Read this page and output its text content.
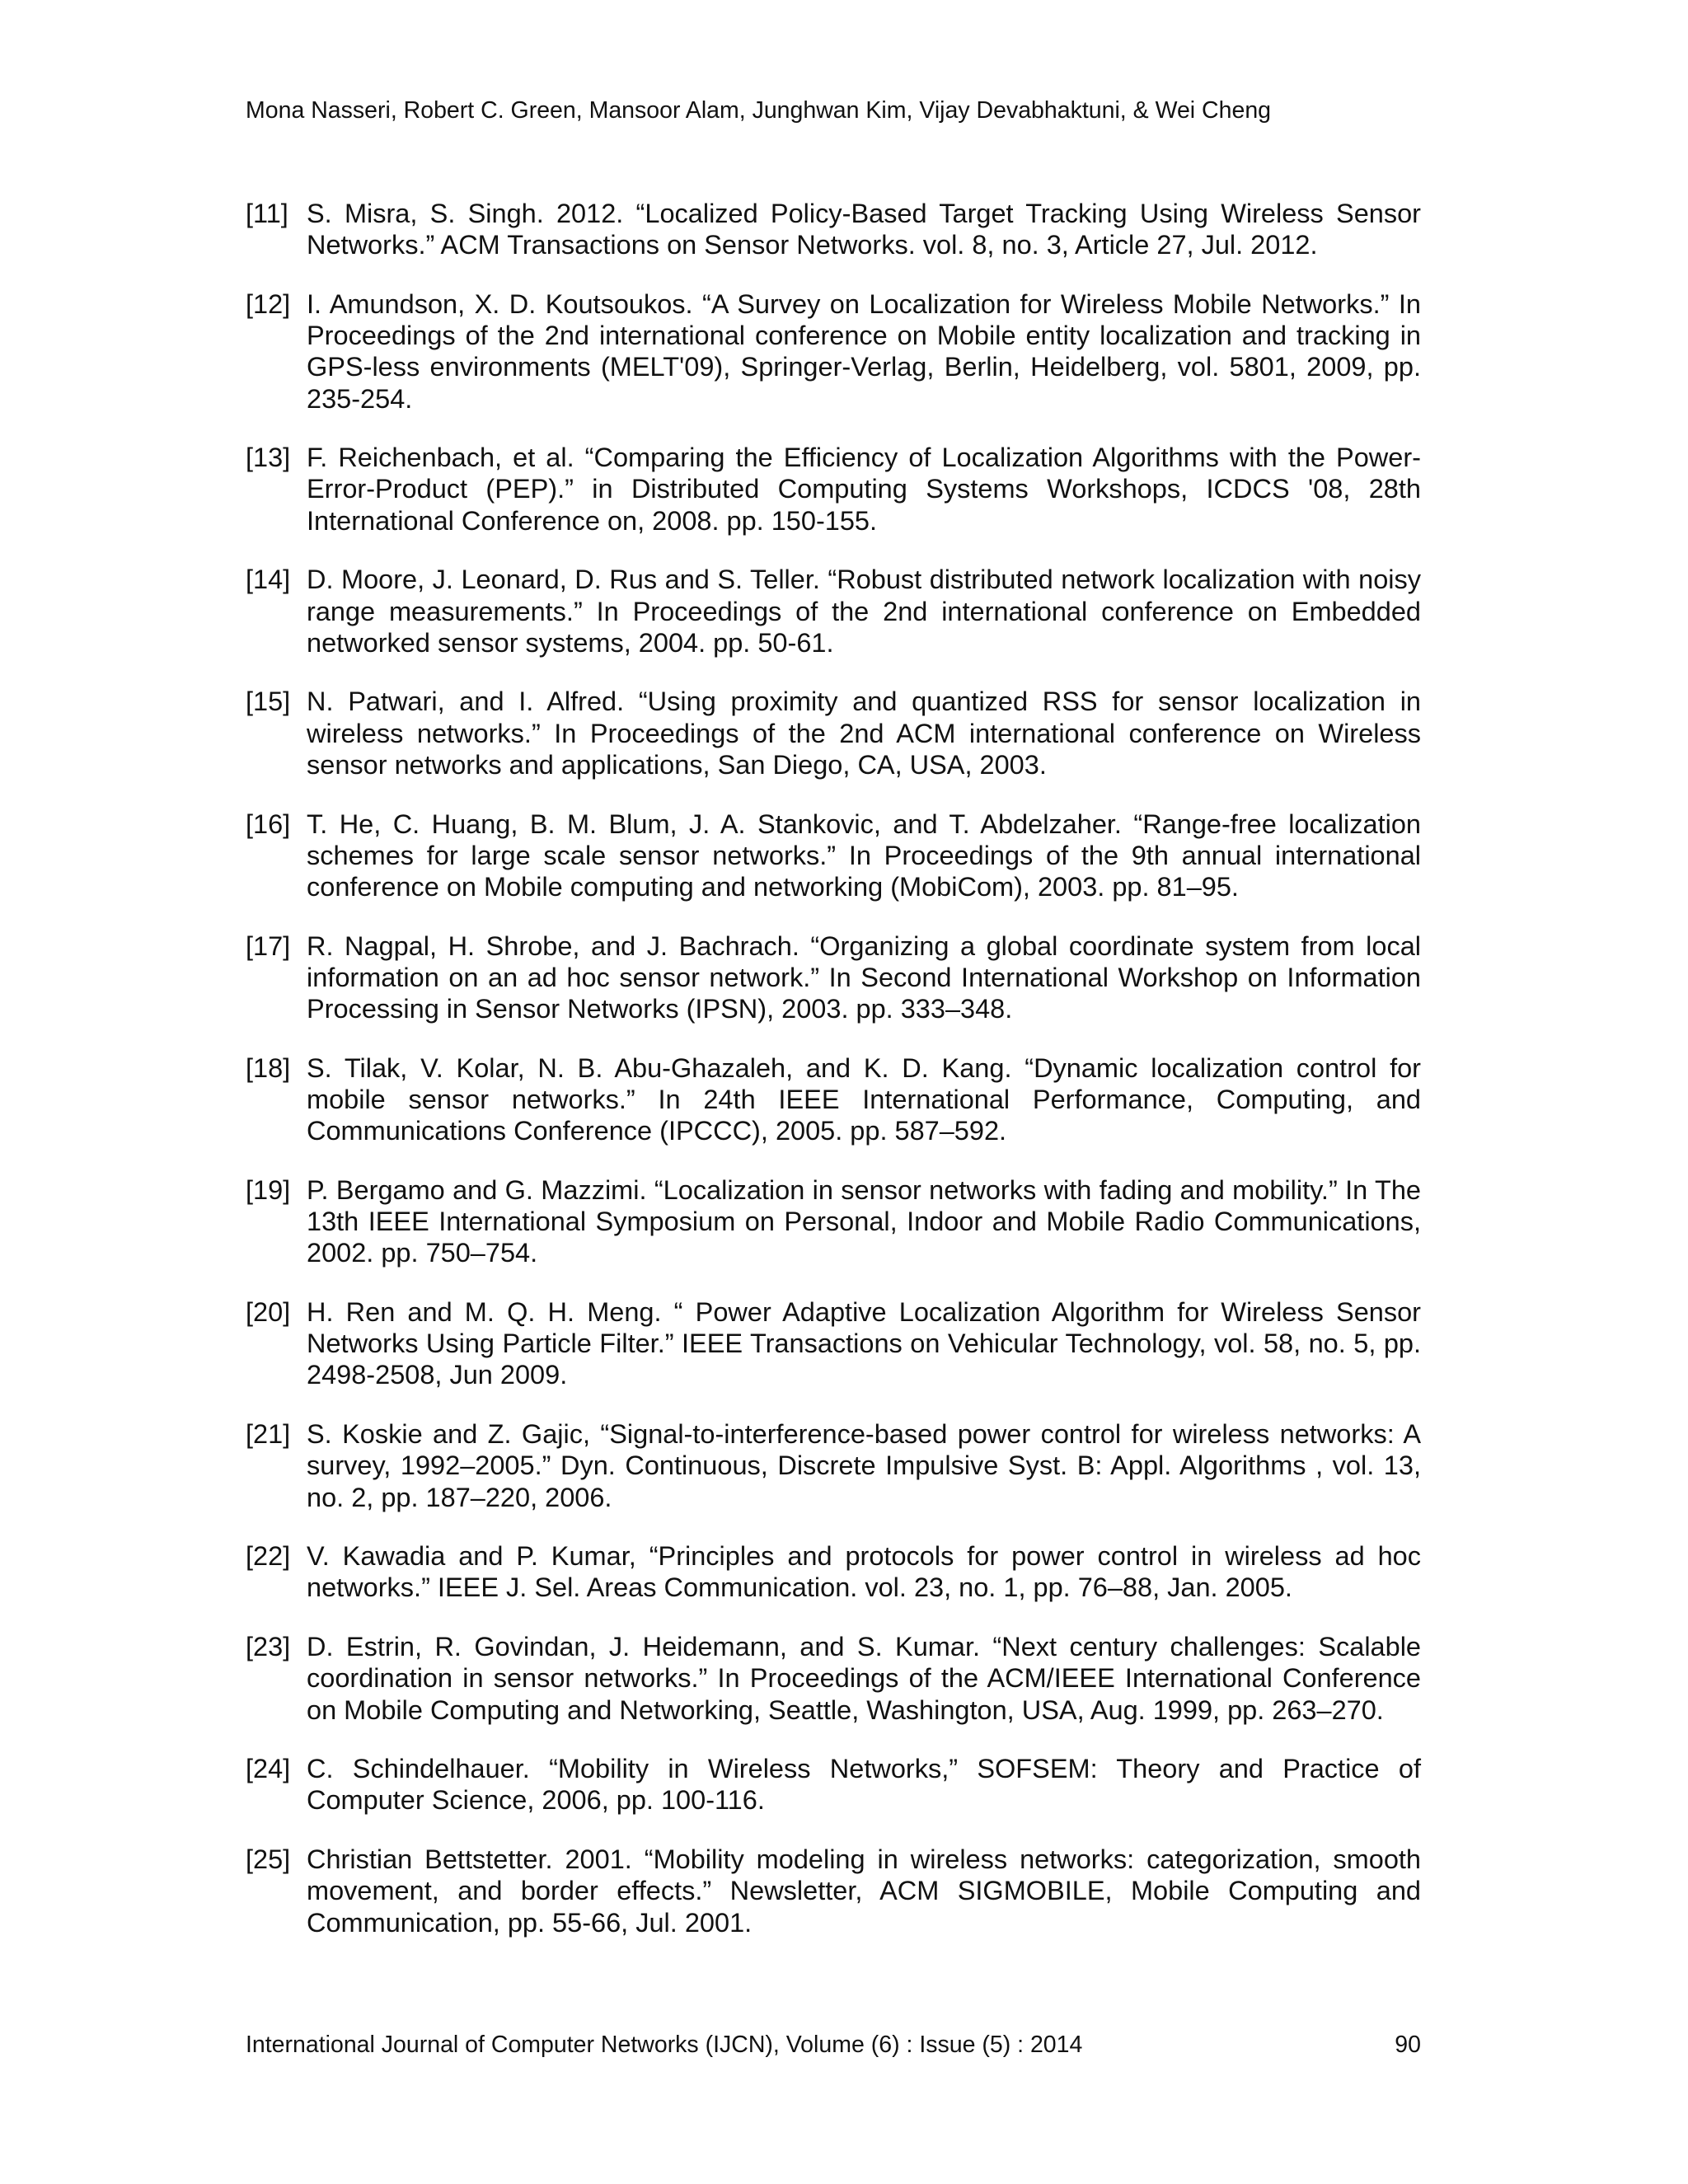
Mona Nasseri, Robert C. Green, Mansoor Alam, Junghwan Kim, Vijay Devabhaktuni, & Wei Cheng
[11] S. Misra, S. Singh. 2012. “Localized Policy-Based Target Tracking Using Wireless Sensor Networks.” ACM Transactions on Sensor Networks. vol. 8, no. 3, Article 27, Jul. 2012.
[12] I. Amundson, X. D. Koutsoukos. “A Survey on Localization for Wireless Mobile Networks.” In Proceedings of the 2nd international conference on Mobile entity localization and tracking in GPS-less environments (MELT'09), Springer-Verlag, Berlin, Heidelberg, vol. 5801, 2009, pp. 235-254.
[13] F. Reichenbach, et al. “Comparing the Efficiency of Localization Algorithms with the Power-Error-Product (PEP).” in Distributed Computing Systems Workshops, ICDCS '08, 28th International Conference on, 2008. pp. 150-155.
[14] D. Moore, J. Leonard, D. Rus and S. Teller. “Robust distributed network localization with noisy range measurements.” In Proceedings of the 2nd international conference on Embedded networked sensor systems, 2004. pp. 50-61.
[15] N. Patwari, and I. Alfred. “Using proximity and quantized RSS for sensor localization in wireless networks.” In Proceedings of the 2nd ACM international conference on Wireless sensor networks and applications, San Diego, CA, USA, 2003.
[16] T. He, C. Huang, B. M. Blum, J. A. Stankovic, and T. Abdelzaher. “Range-free localization schemes for large scale sensor networks.” In Proceedings of the 9th annual international conference on Mobile computing and networking (MobiCom), 2003. pp. 81–95.
[17] R. Nagpal, H. Shrobe, and J. Bachrach. “Organizing a global coordinate system from local information on an ad hoc sensor network.” In Second International Workshop on Information Processing in Sensor Networks (IPSN), 2003. pp. 333–348.
[18] S. Tilak, V. Kolar, N. B. Abu-Ghazaleh, and K. D. Kang. “Dynamic localization control for mobile sensor networks.” In 24th IEEE International Performance, Computing, and Communications Conference (IPCCC), 2005. pp. 587–592.
[19] P. Bergamo and G. Mazzimi. “Localization in sensor networks with fading and mobility.” In The 13th IEEE International Symposium on Personal, Indoor and Mobile Radio Communications, 2002. pp. 750–754.
[20] H. Ren and M. Q. H. Meng. “ Power Adaptive Localization Algorithm for Wireless Sensor Networks Using Particle Filter.” IEEE Transactions on Vehicular Technology, vol. 58, no. 5, pp. 2498-2508, Jun 2009.
[21] S. Koskie and Z. Gajic, “Signal-to-interference-based power control for wireless networks: A survey, 1992–2005.” Dyn. Continuous, Discrete Impulsive Syst. B: Appl. Algorithms , vol. 13, no. 2, pp. 187–220, 2006.
[22] V. Kawadia and P. Kumar, “Principles and protocols for power control in wireless ad hoc networks.” IEEE J. Sel. Areas Communication. vol. 23, no. 1, pp. 76–88, Jan. 2005.
[23] D. Estrin, R. Govindan, J. Heidemann, and S. Kumar. “Next century challenges: Scalable coordination in sensor networks.” In Proceedings of the ACM/IEEE International Conference on Mobile Computing and Networking, Seattle, Washington, USA, Aug. 1999, pp. 263–270.
[24] C. Schindelhauer. “Mobility in Wireless Networks,” SOFSEM: Theory and Practice of Computer Science, 2006, pp. 100-116.
[25] Christian Bettstetter. 2001. “Mobility modeling in wireless networks: categorization, smooth movement, and border effects.” Newsletter, ACM SIGMOBILE, Mobile Computing and Communication, pp. 55-66, Jul. 2001.
International Journal of Computer Networks (IJCN), Volume (6) : Issue (5) : 2014	90
